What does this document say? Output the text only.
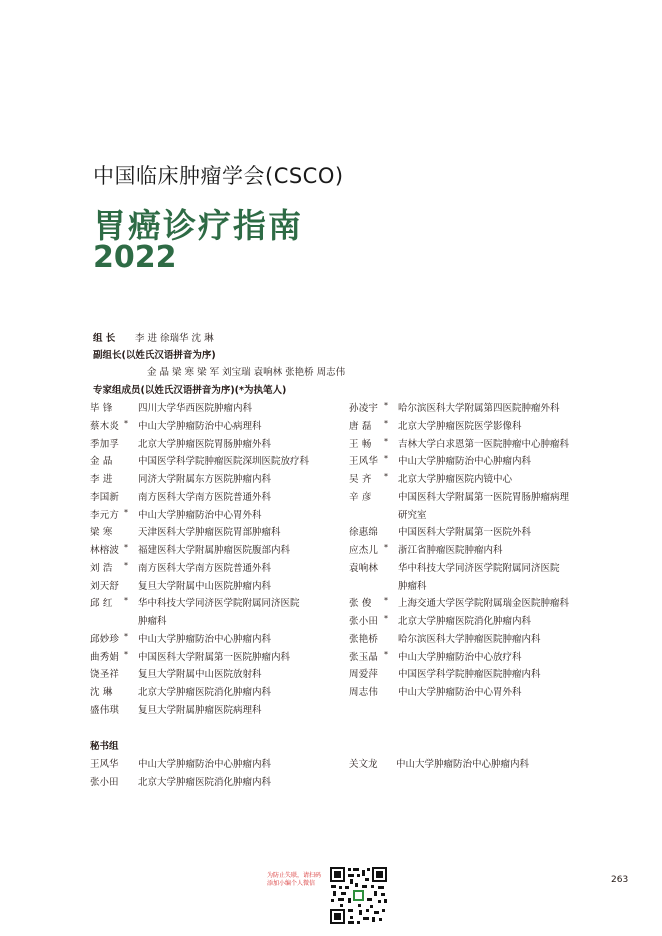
中国临床肿瘤学会(CSCO)
胃癌诊疗指南
2022
组 长 李 进 徐瑞华 沈 琳
副组长(以姓氏汉语拼音为序)
金 晶 梁 寒 梁 军 刘宝瑞 袁响林 张艳桥 周志伟
专家组成员(以姓氏汉语拼音为序)(*为执笔人)
毕 锋	四川大学华西医院肿瘤内科
蔡木炎 * 中山大学肿瘤防治中心病理科
季加孚 北京大学肿瘤医院胃肠肿瘤外科
金 晶	中国医学科学院肿瘤医院深圳医院放疗科
李 进	同济大学附属东方医院肿瘤内科
李国新 南方医科大学南方医院普通外科
李元方 * 中山大学肿瘤防治中心胃外科
梁 寒	天津医科大学肿瘤医院胃部肿瘤科
林榕波 * 福建医科大学附属肿瘤医院腹部内科
刘 浩 * 南方医科大学南方医院普通外科
刘天舒 复旦大学附属中山医院肿瘤内科
邱 红 * 华中科技大学同济医学院附属同济医院
肿瘤科
邱妙珍 * 中山大学肿瘤防治中心肿瘤内科
曲秀娟 * 中国医科大学附属第一医院肿瘤内科
饶圣祥 复旦大学附属中山医院放射科
沈 琳	北京大学肿瘤医院消化肿瘤内科
盛伟琪 复旦大学附属肿瘤医院病理科
孙凌宇 * 哈尔滨医科大学附属第四医院肿瘤外科
唐 磊 * 北京大学肿瘤医院医学影像科
王 畅 * 吉林大学白求恩第一医院肿瘤中心肿瘤科
王风华 * 中山大学肿瘤防治中心肿瘤内科
吴 齐 * 北京大学肿瘤医院内镜中心
辛 彦	中国医科大学附属第一医院胃肠肿瘤病理
研究室
徐惠绵 中国医科大学附属第一医院外科
应杰儿 * 浙江省肿瘤医院肿瘤内科
袁响林 华中科技大学同济医学院附属同济医院
肿瘤科
张 俊 * 上海交通大学医学院附属瑞金医院肿瘤科
张小田 * 北京大学肿瘤医院消化肿瘤内科
张艳桥 哈尔滨医科大学肿瘤医院肿瘤内科
张玉晶 * 中山大学肿瘤防治中心放疗科
周爱萍 中国医学科学院肿瘤医院肿瘤内科
周志伟 中山大学肿瘤防治中心胃外科
秘书组
王风华 中山大学肿瘤防治中心肿瘤内科	关文龙 中山大学肿瘤防治中心肿瘤内科
张小田 北京大学肿瘤医院消化肿瘤内科
为防止失联，请扫码
添加小编个人微信	263
